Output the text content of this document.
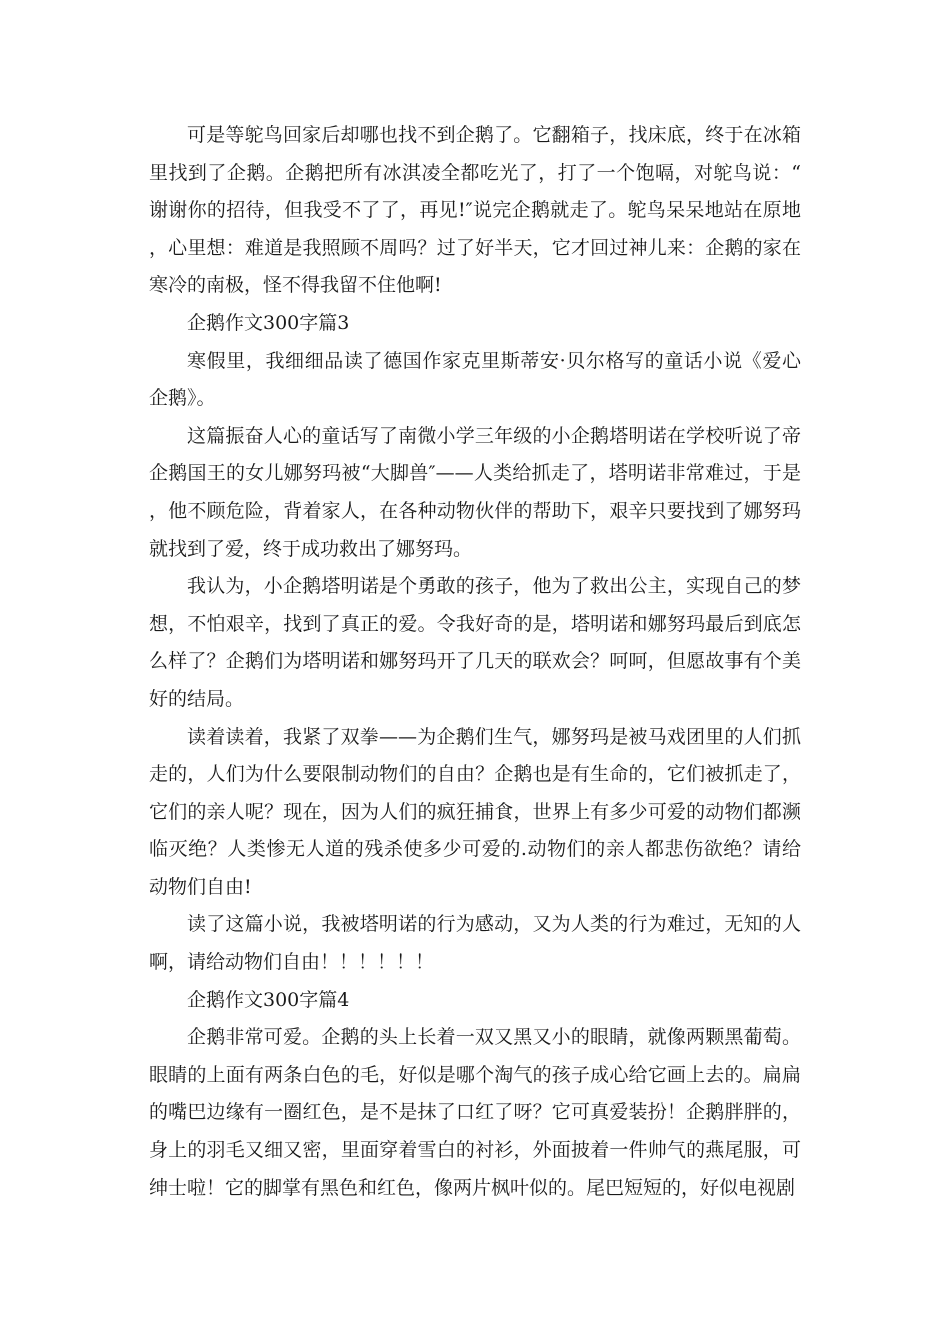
可是等鸵鸟回家后却哪也找不到企鹅了。它翻箱子，找床底，终于在冰箱里找到了企鹅。企鹅把所有冰淇凌全都吃光了，打了一个饱嗝，对鸵鸟说：“谢谢你的招待，但我受不了了，再见!″说完企鹅就走了。鸵鸟呆呆地站在原地，心里想：难道是我照顾不周吗？过了好半天，它才回过神儿来：企鹅的家在寒冷的南极，怪不得我留不住他啊!

企鹅作文300字篇3

寒假里，我细细品读了德国作家克里斯蒂安·贝尔格写的童话小说《爱心企鹅》。

这篇振奋人心的童话写了南微小学三年级的小企鹅塔明诺在学校听说了帝企鹅国王的女儿娜努玛被“大脚兽″——人类给抓走了，塔明诺非常难过，于是，他不顾危险，背着家人，在各种动物伙伴的帮助下，艰辛只要找到了娜努玛就找到了爱，终于成功救出了娜努玛。

我认为，小企鹅塔明诺是个勇敢的孩子，他为了救出公主，实现自己的梦想，不怕艰辛，找到了真正的爱。令我好奇的是，塔明诺和娜努玛最后到底怎么样了？企鹅们为塔明诺和娜努玛开了几天的联欢会？呵呵，但愿故事有个美好的结局。

读着读着，我紧了双拳——为企鹅们生气，娜努玛是被马戏团里的人们抓走的，人们为什么要限制动物们的自由？企鹅也是有生命的，它们被抓走了，它们的亲人呢？现在，因为人们的疯狂捕食，世界上有多少可爱的动物们都濒临灭绝？人类惨无人道的残杀使多少可爱的.动物们的亲人都悲伤欲绝？请给动物们自由!

读了这篇小说，我被塔明诺的行为感动，又为人类的行为难过，无知的人啊，请给动物们自由！！！！！！

企鹅作文300字篇4

企鹅非常可爱。企鹅的头上长着一双又黑又小的眼睛，就像两颗黑葡萄。眼睛的上面有两条白色的毛，好似是哪个淘气的孩子成心给它画上去的。扁扁的嘴巴边缘有一圈红色，是不是抹了口红了呀？它可真爱装扮！企鹅胖胖的，身上的羽毛又细又密，里面穿着雪白的衬衫，外面披着一件帅气的燕尾服，可绅士啦！它的脚掌有黑色和红色，像两片枫叶似的。尾巴短短的，好似电视剧
